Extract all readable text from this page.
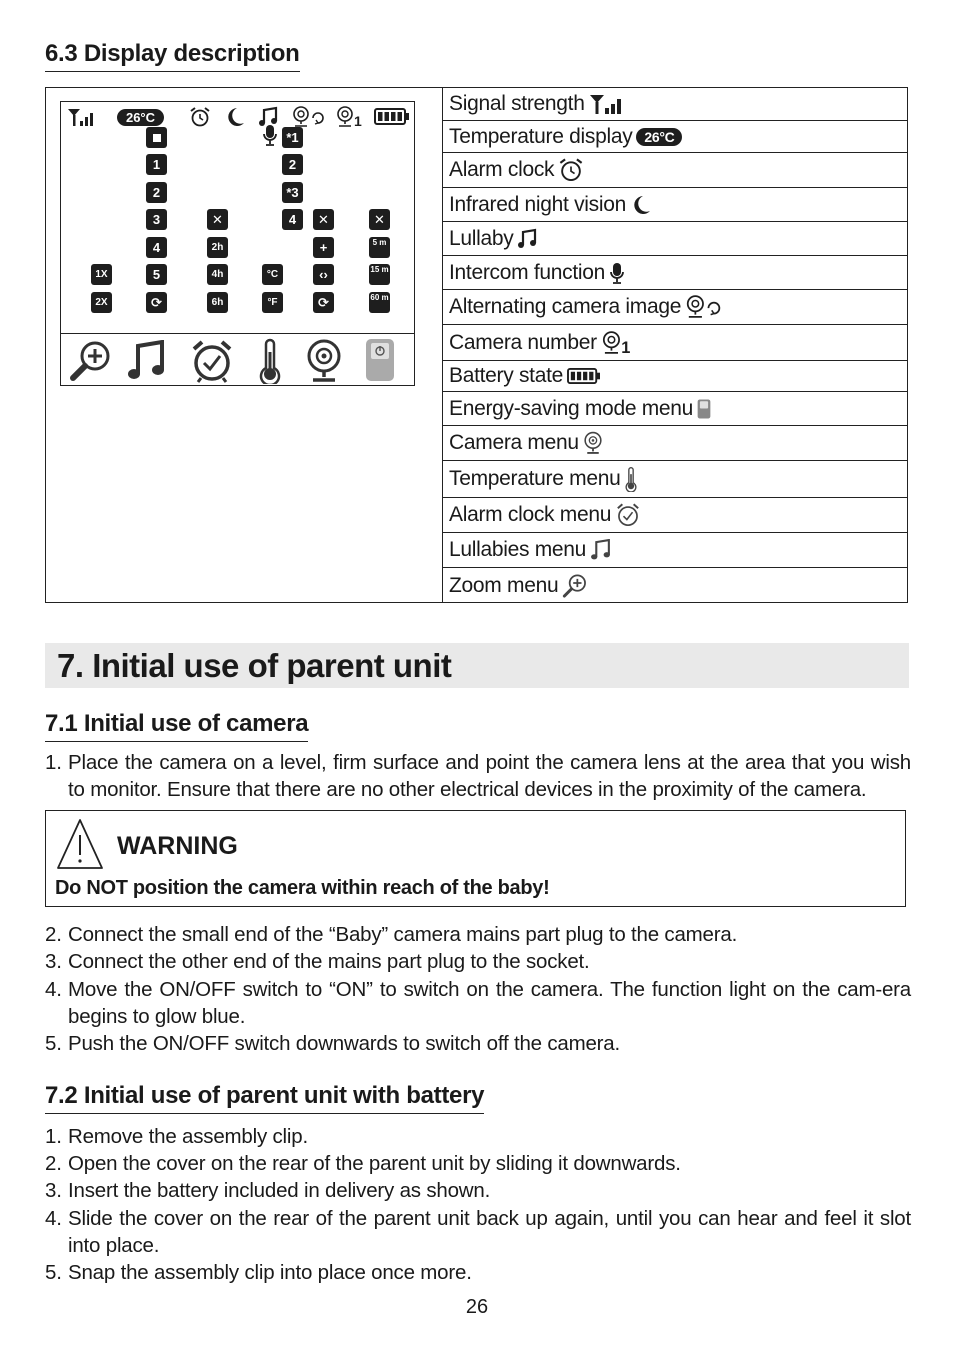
6.3 Display description
26°C	1
1
2
3
4
5
⟳
1X
2X
✕
2h
4h
6h
°C
°F
*1
2
*3
4	✕
+
‹›
⟳
✕
5 m
15 m
60 m
Signal strength
Temperature display 26°C
Alarm clock
Infrared night vision
Lullaby
Intercom function
Alternating camera image
Camera number 1
Battery state
Energy-saving mode menu
Camera menu
Temperature menu
Alarm clock menu
Lullabies menu
Zoom menu
7. Initial use of parent unit
7.1 Initial use of camera
1. Place the camera on a level, firm surface and point the camera lens at the area that you wish to monitor. Ensure that there are no other electrical devices in the proximity of the camera.
WARNING
Do NOT position the camera within reach of the baby!
2. Connect the small end of the “Baby” camera mains part plug to the camera.
3. Connect the other end of the mains part plug to the socket.
4. Move the ON/OFF switch to “ON” to switch on the camera. The function light on the cam-era begins to glow blue.
5. Push the ON/OFF switch downwards to switch off the camera.
7.2 Initial use of parent unit with battery
1. Remove the assembly clip.
2. Open the cover on the rear of the parent unit by sliding it downwards.
3. Insert the battery included in delivery as shown.
4. Slide the cover on the rear of the parent unit back up again, until you can hear and feel it slot into place.
5. Snap the assembly clip into place once more.
26
